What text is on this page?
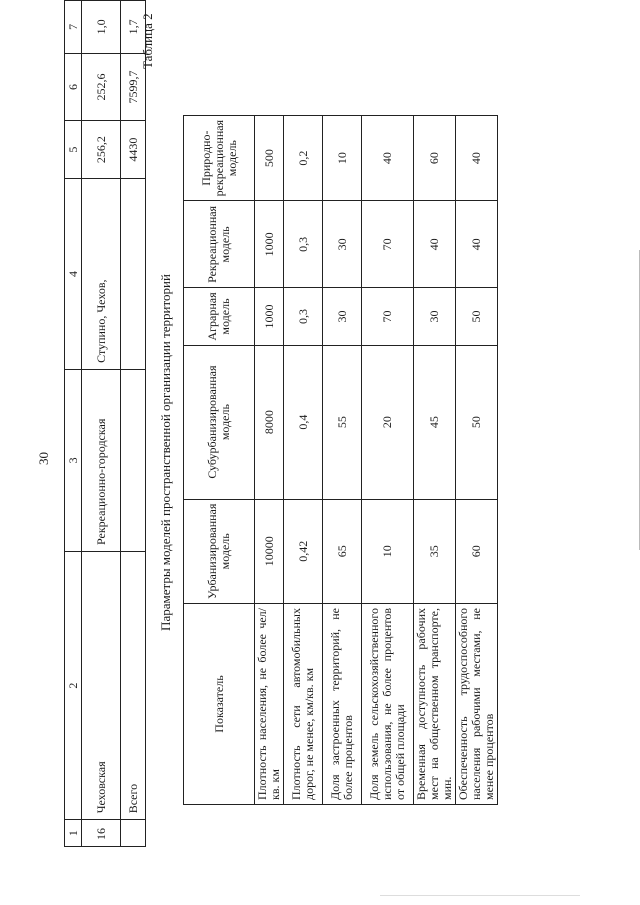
30
1	2	3	4	5	6	7
16	Чеховская	Рекреационно-городская	Ступино, Чехов,	256,2	252,6	1,0
	Всего			4430	7599,7	1,7 Таблица 2
Параметры моделей пространственной организации территорий
Показатель	Урбанизированная модель	Субурбанизированная модель	Аграрная модель	Рекреационная модель	Природно-рекреационная модель
Плотность населения, не более чел/кв. км	10000	8000	1000	1000	500
Плотность сети автомобильных дорог, не менее, км/кв. км	0,42	0,4	0,3	0,3	0,2
Доля застроенных территорий, не более процентов	65	55	30	30	10
Доля земель сельскохозяйственного использования, не более процентов от общей площади	10	20	70	70	40
Временная доступность рабочих мест на общественном транспорте, мин.	35	45	30	40	60
Обеспеченность трудоспособного населения рабочими местами, не менее процентов	60	50	50	40	40
